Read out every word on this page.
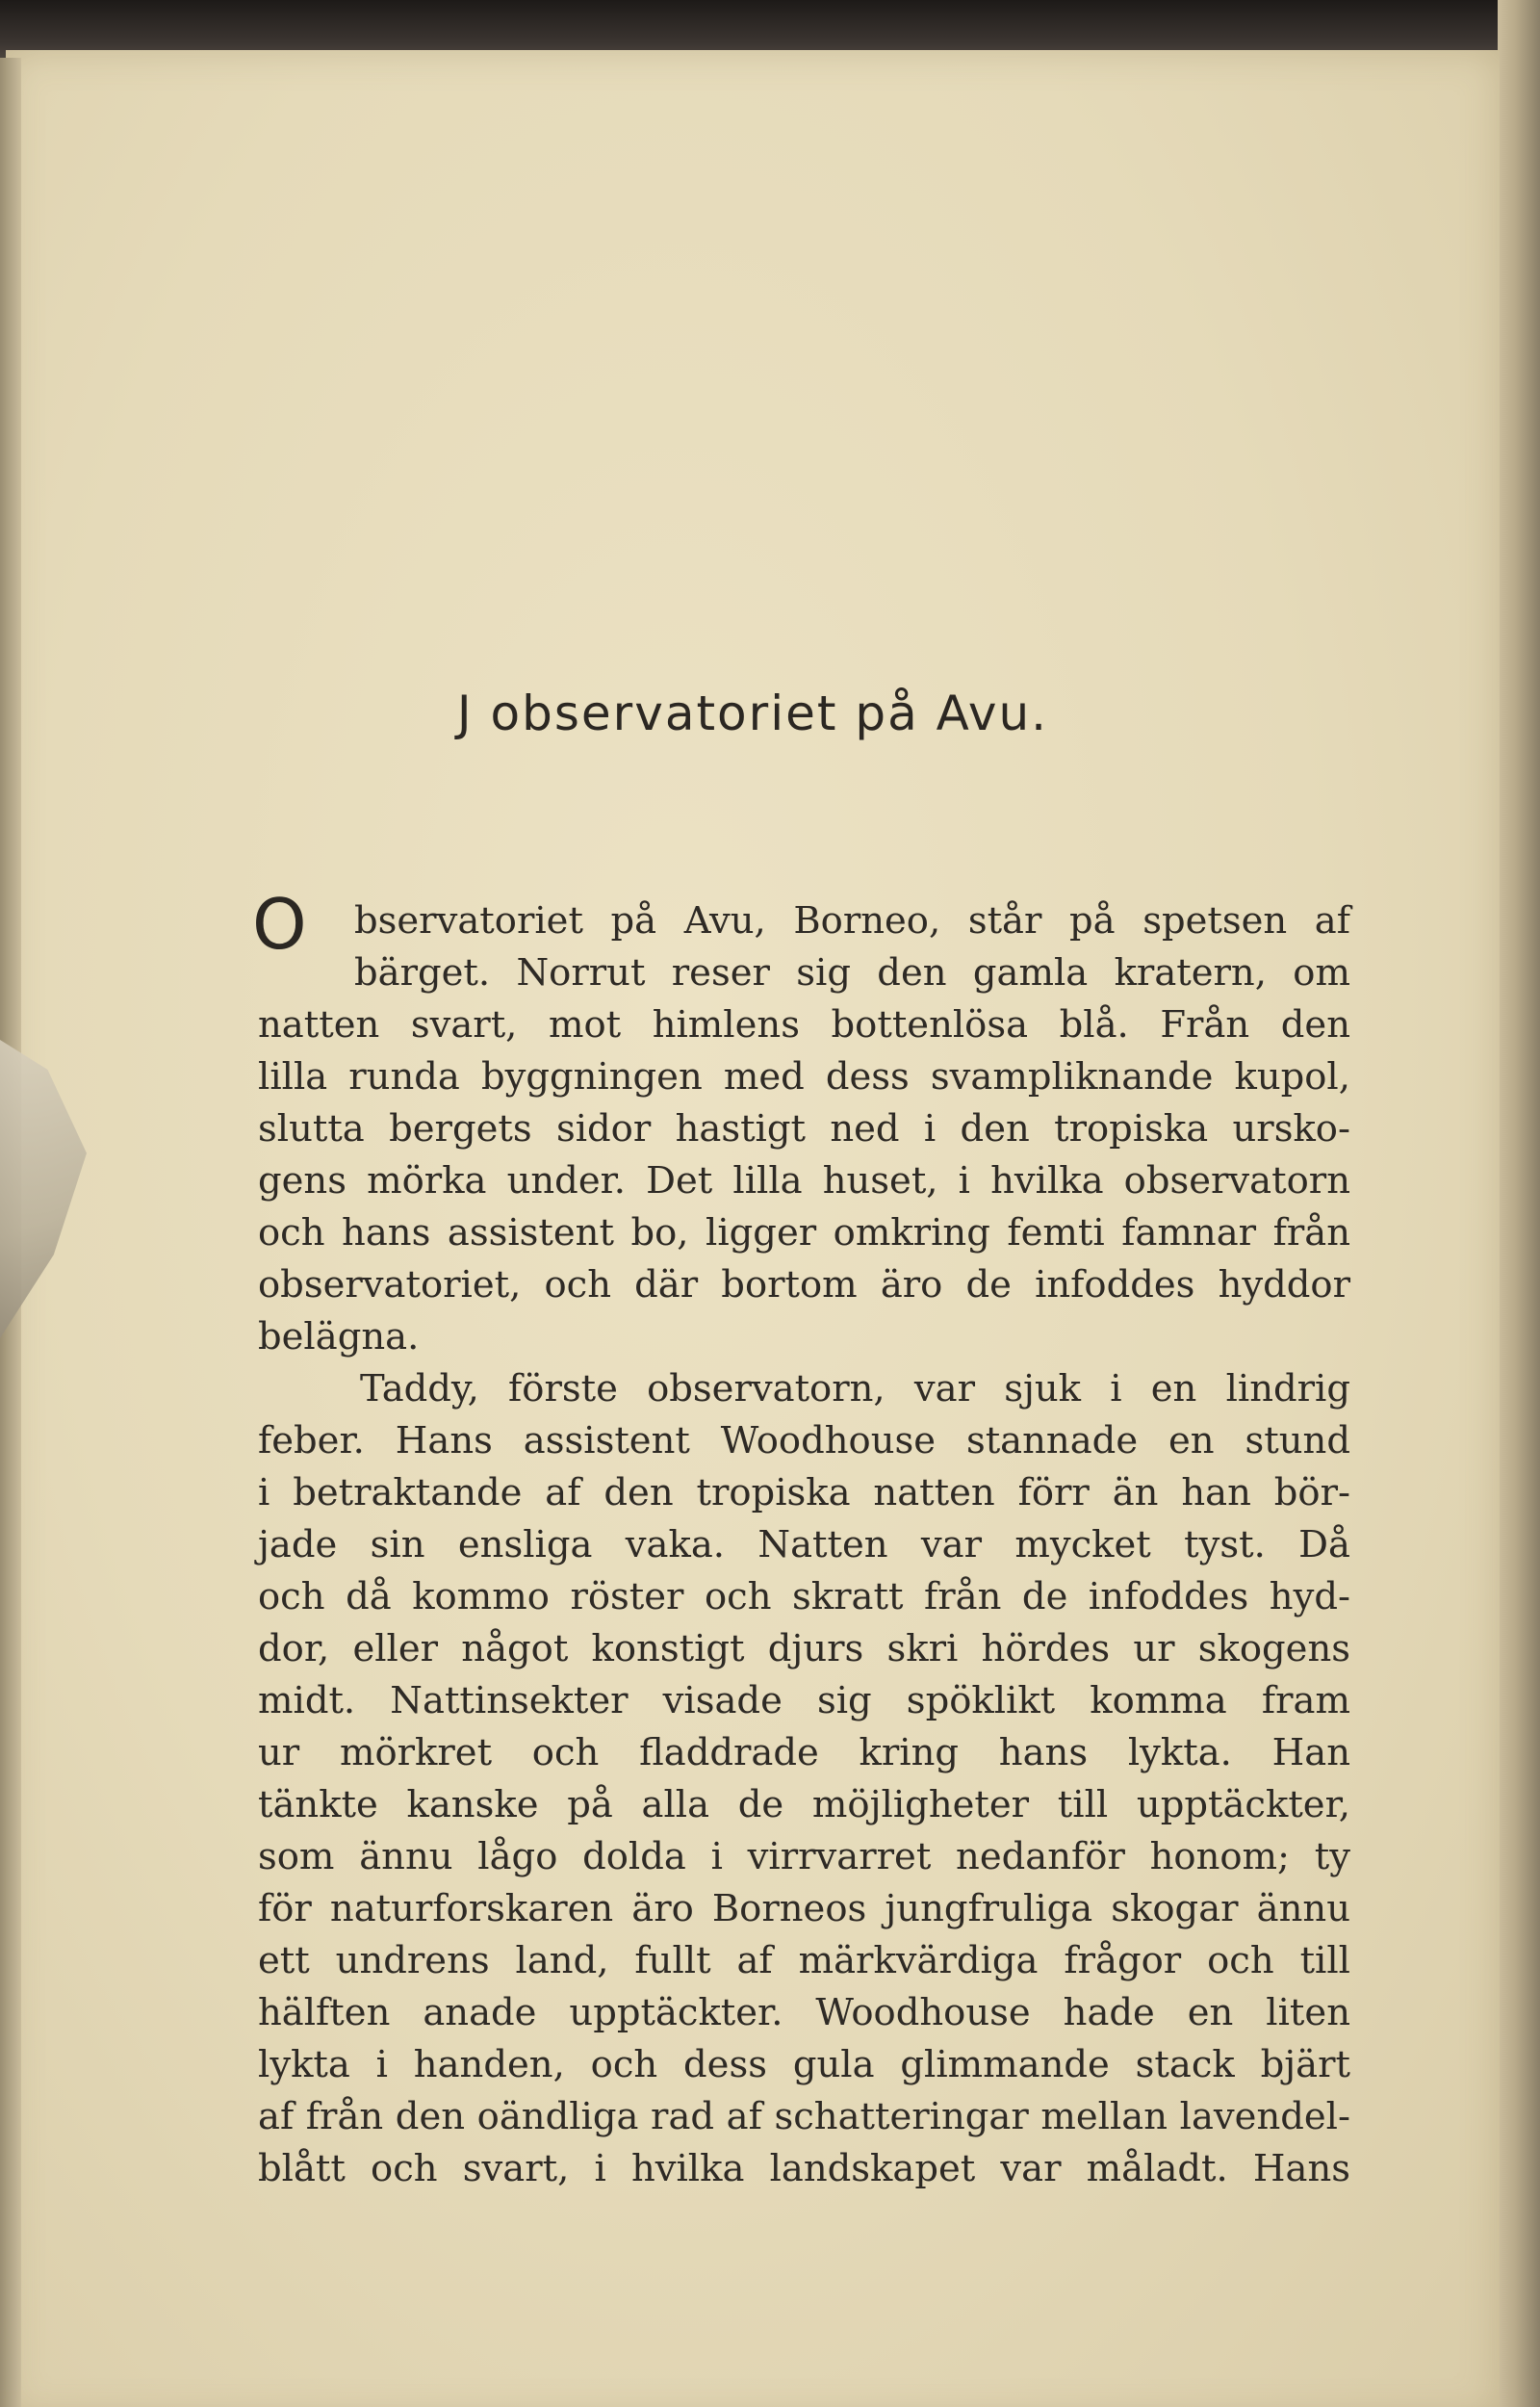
J observatoriet på Avu.
O	bservatoriet på Avu, Borneo, står på spetsen af
bärget. Norrut reser sig den gamla kratern, om
natten svart, mot himlens bottenlösa blå. Från den
lilla runda byggningen med dess svampliknande kupol,
slutta bergets sidor hastigt ned i den tropiska ursko-
gens mörka under. Det lilla huset, i hvilka observatorn
och hans assistent bo, ligger omkring femti famnar från
observatoriet, och där bortom äro de infoddes hyddor
belägna.
Taddy, förste observatorn, var sjuk i en lindrig
feber. Hans assistent Woodhouse stannade en stund
i betraktande af den tropiska natten förr än han bör-
jade sin ensliga vaka. Natten var mycket tyst. Då
och då kommo röster och skratt från de infoddes hyd-
dor, eller något konstigt djurs skri hördes ur skogens
midt. Nattinsekter visade sig spöklikt komma fram
ur mörkret och fladdrade kring hans lykta. Han
tänkte kanske på alla de möjligheter till upptäckter,
som ännu lågo dolda i virrvarret nedanför honom; ty
för naturforskaren äro Borneos jungfruliga skogar ännu
ett undrens land, fullt af märkvärdiga frågor och till
hälften anade upptäckter. Woodhouse hade en liten
lykta i handen, och dess gula glimmande stack bjärt
af från den oändliga rad af schatteringar mellan lavendel-
blått och svart, i hvilka landskapet var måladt. Hans
